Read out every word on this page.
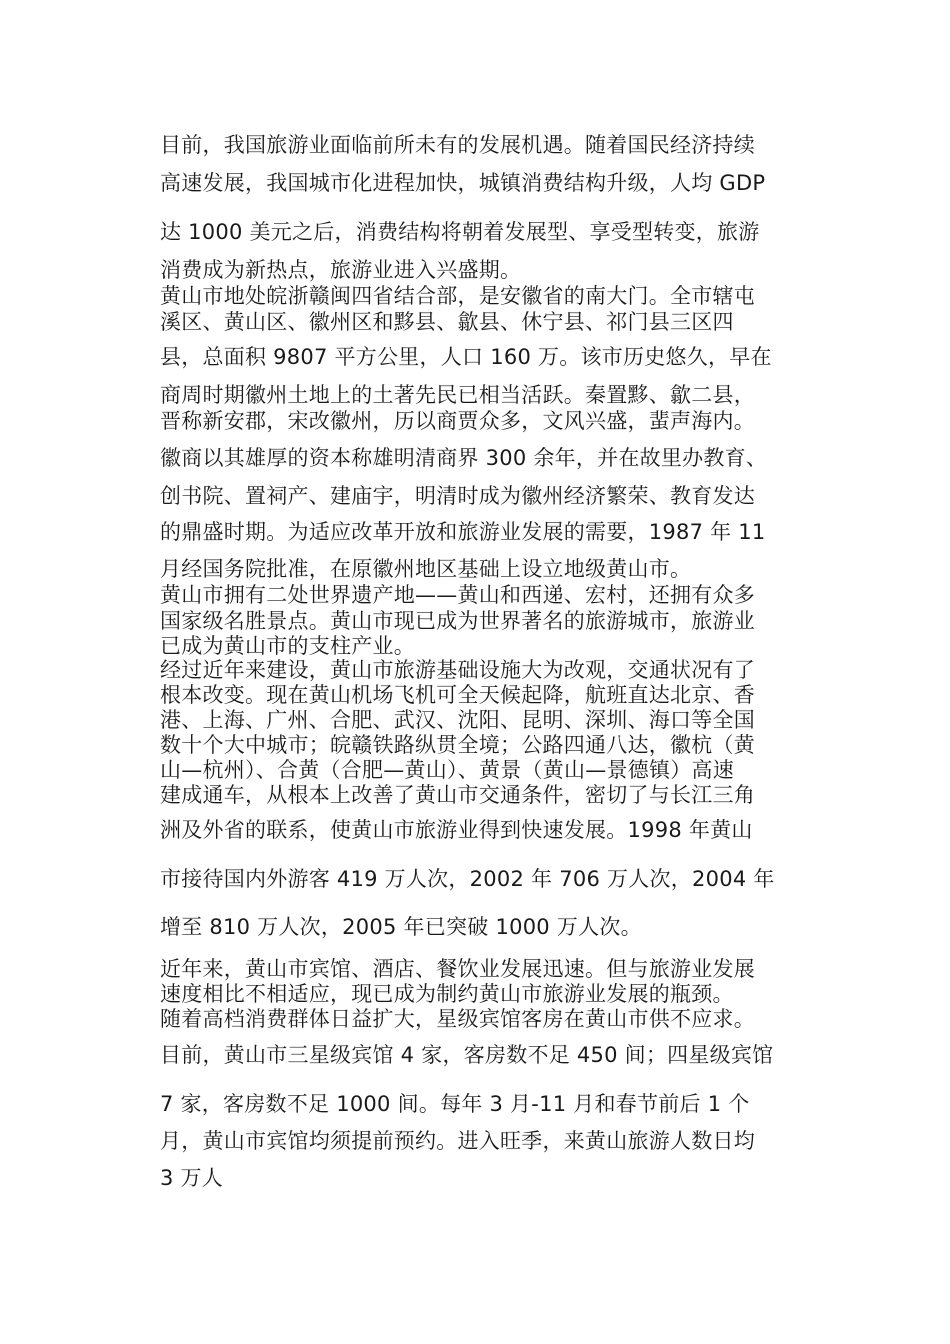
目前，我国旅游业面临前所未有的发展机遇。随着国民经济持续

高速发展，我国城市化进程加快，城镇消费结构升级，人均 GDP

达 1000 美元之后，消费结构将朝着发展型、享受型转变，旅游

消费成为新热点，旅游业进入兴盛期。

黄山市地处皖浙赣闽四省结合部，是安徽省的南大门。全市辖屯

溪区、黄山区、徽州区和黟县、歙县、休宁县、祁门县三区四

县，总面积 9807 平方公里，人口 160 万。该市历史悠久，早在

商周时期徽州土地上的土著先民已相当活跃。秦置黟、歙二县，

晋称新安郡，宋改徽州，历以商贾众多，文风兴盛，蜚声海内。

徽商以其雄厚的资本称雄明清商界 300 余年，并在故里办教育、

创书院、置祠产、建庙宇，明清时成为徽州经济繁荣、教育发达

的鼎盛时期。为适应改革开放和旅游业发展的需要，1987 年 11

月经国务院批准，在原徽州地区基础上设立地级黄山市。

黄山市拥有二处世界遗产地——黄山和西递、宏村，还拥有众多

国家级名胜景点。黄山市现已成为世界著名的旅游城市，旅游业

已成为黄山市的支柱产业。

经过近年来建设，黄山市旅游基础设施大为改观，交通状况有了

根本改变。现在黄山机场飞机可全天候起降，航班直达北京、香

港、上海、广州、合肥、武汉、沈阳、昆明、深圳、海口等全国

数十个大中城市；皖赣铁路纵贯全境；公路四通八达，徽杭（黄

山—杭州）、合黄（合肥—黄山）、黄景（黄山—景德镇）高速

建成通车，从根本上改善了黄山市交通条件，密切了与长江三角

洲及外省的联系，使黄山市旅游业得到快速发展。1998 年黄山

市接待国内外游客 419 万人次，2002 年 706 万人次，2004 年

增至 810 万人次，2005 年已突破 1000 万人次。

近年来，黄山市宾馆、酒店、餐饮业发展迅速。但与旅游业发展

速度相比不相适应，现已成为制约黄山市旅游业发展的瓶颈。

随着高档消费群体日益扩大，星级宾馆客房在黄山市供不应求。

目前，黄山市三星级宾馆 4 家，客房数不足 450 间；四星级宾馆

7 家，客房数不足 1000 间。每年 3 月-11 月和春节前后 1 个

月，黄山市宾馆均须提前预约。进入旺季，来黄山旅游人数日均

3 万人
